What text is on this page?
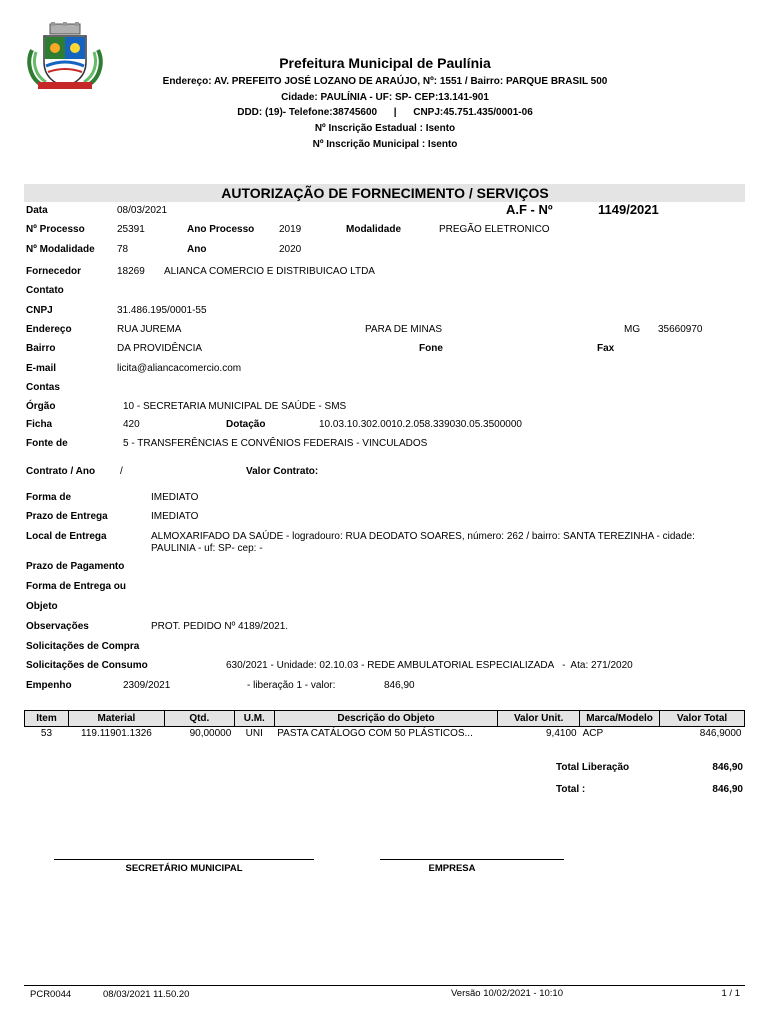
Prefeitura Municipal de Paulínia
Endereço: AV. PREFEITO JOSÉ LOZANO DE ARAÚJO, Nº: 1551 / Bairro: PARQUE BRASIL 500
Cidade: PAULÍNIA - UF: SP- CEP:13.141-901
DDD: (19)- Telefone:38745600      |      CNPJ:45.751.435/0001-06
Nº Inscrição Estadual : Isento
Nº Inscrição Municipal : Isento
AUTORIZAÇÃO DE FORNECIMENTO / SERVIÇOS
Data	08/03/2021	A.F - Nº	1149/2021
Nº Processo	25391	Ano Processo 2019	Modalidade	PREGÃO ELETRONICO
Nº Modalidade 78	Ano	2020
Fornecedor	18269 ALIANCA COMERCIO E DISTRIBUICAO LTDA
Contato
CNPJ	31.486.195/0001-55
Endereço	RUA JUREMA	PARA DE MINAS	MG 35660970
Bairro	DA PROVIDÊNCIA	Fone	Fax
E-mail	licita@aliancacomercio.com
Contas
Órgão	10 - SECRETARIA MUNICIPAL DE SAÚDE - SMS
Ficha	420	Dotação	10.03.10.302.0010.2.058.339030.05.3500000
Fonte de	5 - TRANSFERÊNCIAS E CONVÊNIOS FEDERAIS - VINCULADOS
Contrato / Ano /	Valor Contrato:
Forma de	IMEDIATO
Prazo de Entrega	IMEDIATO
Local de Entrega	ALMOXARIFADO DA SAÚDE - logradouro: RUA DEODATO SOARES, número: 262 / bairro: SANTA TEREZINHA - cidade:
PAULINIA - uf: SP- cep: -
Prazo de Pagamento
Forma de Entrega ou
Objeto
Observações	PROT. PEDIDO Nº 4189/2021.
Solicitações de Compra
Solicitações de Consumo	630/2021 - Unidade: 02.10.03 - REDE AMBULATORIAL ESPECIALIZADA   -  Ata: 271/2020
Empenho	2309/2021	- liberação 1 - valor:	846,90
Item	Material	Qtd.	U.M.	Descrição do Objeto	Valor Unit.	Marca/Modelo	Valor Total
53	119.11901.1326	90,00000	UNI	PASTA CATÁLOGO COM 50 PLÁSTICOS...	9,4100	ACP	846,9000
Total Liberação	846,90
Total :	846,90
SECRETÁRIO MUNICIPAL	EMPRESA
PCR0044	08/03/2021 11.50.20	Versão 10/02/2021 - 10:10	1 / 1
